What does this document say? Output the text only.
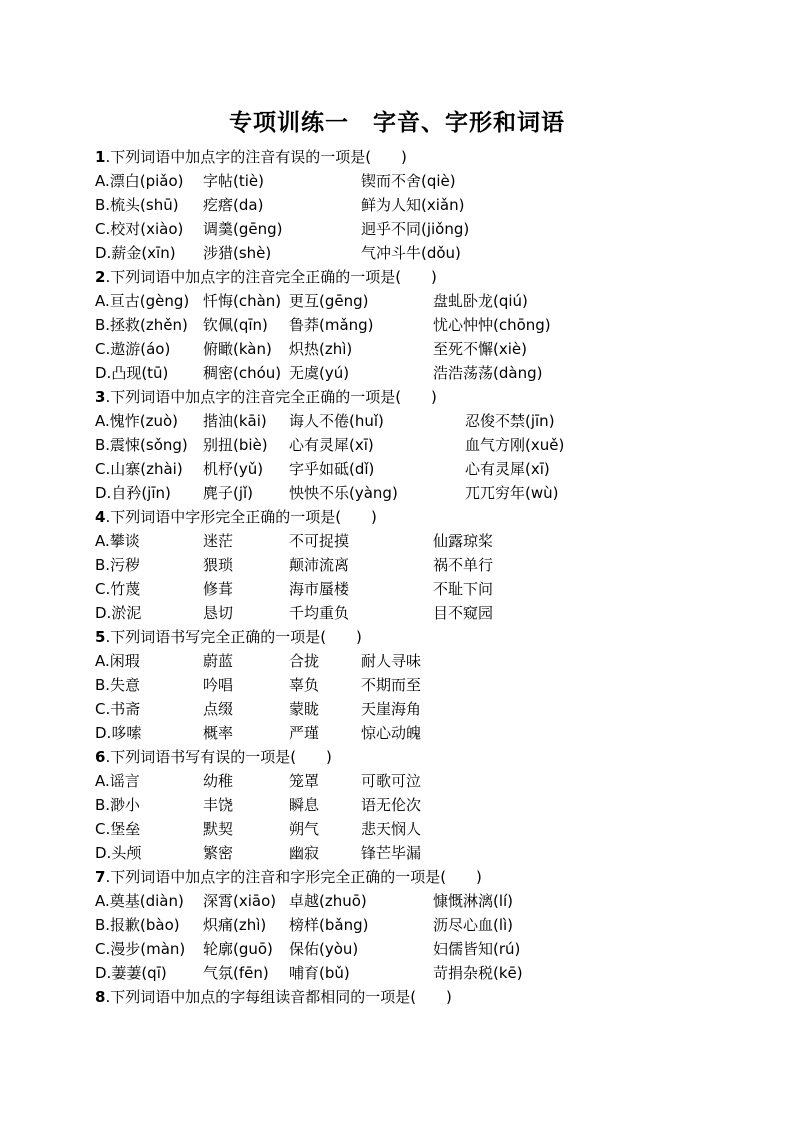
专项训练一 字音、字形和词语
1.下列词语中加点字的注音有误的一项是(　　)
A.漂白(piǎo) 字帖(tiè)	锲而不舍(qiè)
B.梳头(shū) 疙瘩(da)	鲜为人知(xiǎn)
C.校对(xiào) 调羹(gēng)	迥乎不同(jiǒng)
D.薪金(xīn) 涉猎(shè)	气冲斗牛(dǒu)
2.下列词语中加点字的注音完全正确的一项是(　　)
A.亘古(gèng) 忏悔(chàn) 更互(gēng)	盘虬卧龙(qiú)
B.拯救(zhěn) 钦佩(qīn) 鲁莽(mǎng)	忧心忡忡(chōng)
C.遨游(áo) 俯瞰(kàn) 炽热(zhì)	至死不懈(xiè)
D.凸现(tū) 稠密(chóu) 无虞(yú)	浩浩荡荡(dàng)
3.下列词语中加点字的注音完全正确的一项是(　　)
A.愧怍(zuò) 揩油(kāi) 诲人不倦(huǐ)	忍俊不禁(jīn)
B.震悚(sǒng) 别扭(biè) 心有灵犀(xī)	血气方刚(xuě)
C.山寨(zhài) 机杼(yǔ) 字乎如砥(dǐ)	心有灵犀(xī)
D.自矜(jīn) 麂子(jǐ) 怏怏不乐(yàng)	兀兀穷年(wù)
4.下列词语中字形完全正确的一项是(　　)
A.攀谈	迷茫	不可捉摸	仙露琼桨
B.污秽	猥琐	颠沛流离	祸不单行
C.竹蔑	修葺	海市蜃楼	不耻下问
D.淤泥	恳切	千均重负	目不窥园
5.下列词语书写完全正确的一项是(　　)
A.闲瑕	蔚蓝	合拢	耐人寻味
B.失意	吟唱	辜负	不期而至
C.书斋	点缀	蒙眬	天崖海角
D.哆嗦	概率	严瑾	惊心动魄
6.下列词语书写有误的一项是(　　)
A.谣言	幼稚	笼罩	可歌可泣
B.渺小	丰饶	瞬息	语无伦次
C.堡垒	默契	朔气	悲天悯人
D.头颅	繁密	幽寂	锋芒毕漏
7.下列词语中加点字的注音和字形完全正确的一项是(　　)
A.奠基(diàn) 深霄(xiāo) 卓越(zhuō)	慷慨淋漓(lí)
B.报歉(bào) 炽痛(zhì) 榜样(bǎng)	沥尽心血(lì)
C.漫步(màn) 轮廓(guō) 保佑(yòu)	妇儒皆知(rú)
D.萋萋(qī) 气氛(fēn) 哺育(bǔ)	苛捐杂税(kē)
8.下列词语中加点的字每组读音都相同的一项是(　　)
